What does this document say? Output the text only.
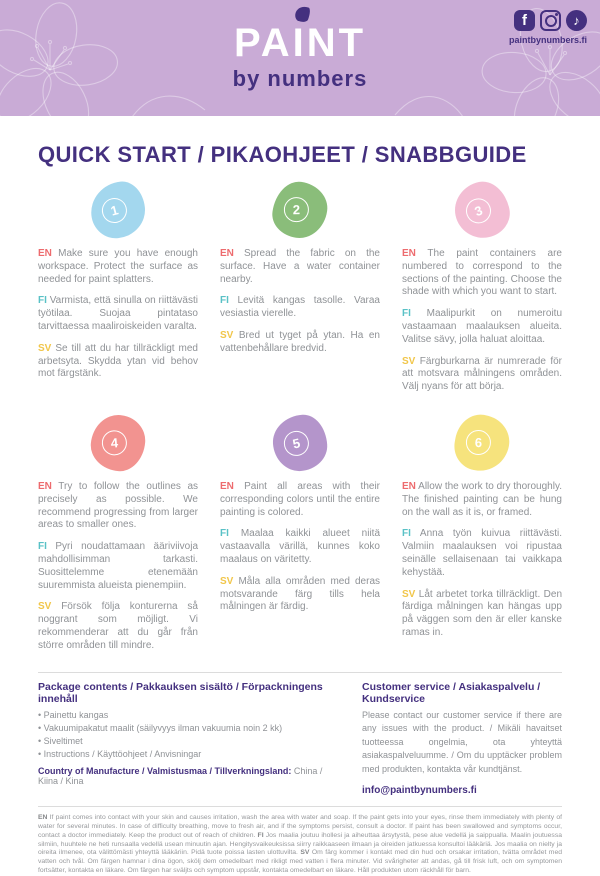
PAINT
by numbers
f	♪
paintbynumbers.fi
QUICK START / PIKAOHJEET / SNABBGUIDE
1

EN Make sure you have enough workspace. Protect the surface as needed for paint splatters.

FI Varmista, että sinulla on riittävästi työtilaa. Suojaa pintataso tarvittaessa maaliroiskeiden varalta.

SV Se till att du har tillräckligt med arbetsyta. Skydda ytan vid behov mot färgstänk.

2

EN Spread the fabric on the surface. Have a water container nearby.

FI Levitä kangas tasolle. Varaa vesiastia vierelle.

SV Bred ut tyget på ytan. Ha en vattenbehållare bredvid.

3

EN The paint containers are numbered to correspond to the sections of the painting. Choose the shade with which you want to start.

FI Maalipurkit on numeroitu vastaamaan maalauksen alueita. Valitse sävy, jolla haluat aloittaa.

SV Färgburkarna är numrerade för att motsvara målningens områden. Välj nyans för att börja.

4

EN Try to follow the outlines as precisely as possible. We recommend progressing from larger areas to smaller ones.

FI Pyri noudattamaan ääriviivoja mahdollisimman tarkasti. Suosittelemme etenemään suuremmista alueista pienempiin.

SV Försök följa konturerna så noggrant som möjligt. Vi rekommenderar att du går från större områden till mindre.

5

EN Paint all areas with their corresponding colors until the entire painting is colored.

FI Maalaa kaikki alueet niitä vastaavalla värillä, kunnes koko maalaus on väritetty.

SV Måla alla områden med deras motsvarande färg tills hela målningen är färdig.

6

EN Allow the work to dry thoroughly. The finished painting can be hung on the wall as it is, or framed.

FI Anna työn kuivua riittävästi. Valmiin maalauksen voi ripustaa seinälle sellaisenaan tai vaikkapa kehystää.

SV Låt arbetet torka tillräckligt. Den färdiga målningen kan hängas upp på väggen som den är eller kanske ramas in.

Package contents / Pakkauksen sisältö / Förpackningens innehåll

• Painettu kangas
• Vakuumipakatut maalit (säilyvyys ilman vakuumia noin 2 kk)
• Siveltimet
• Instructions / Käyttöohjeet / Anvisningar

Country of Manufacture / Valmistusmaa / Tillverkningsland: China / Kiina / Kina

Customer service / Asiakaspalvelu / Kundservice

Please contact our customer service if there are any issues with the product. / Mikäli havaitset tuotteessa ongelmia, ota yhteyttä asiakaspalveluumme. / Om du upptäcker problem med produkten, kontakta vår kundtjänst.

info@paintbynumbers.fi

EN If paint comes into contact with your skin and causes irritation, wash the area with water and soap. If the paint gets into your eyes, rinse them immediately with plenty of water for several minutes. In case of difficulty breathing, move to fresh air, and if the symptoms persist, consult a doctor. If paint has been swallowed and symptoms occur, contact a doctor immediately. Keep the product out of reach of children. FI Jos maalia joutuu ihollesi ja aiheuttaa ärsytystä, pese alue vedellä ja saippualla. Maalin joutuessa silmiin, huuhtele ne heti runsaalla vedellä usean minuutin ajan. Hengitysvaikeuksissa siirry raikkaaseen ilmaan ja oireiden jatkuessa konsultoi lääkäriä. Jos maalia on nielty ja oireita ilmenee, ota välittömästi yhteyttä lääkäriin. Pidä tuote poissa lasten ulottuvilta. SV Om färg kommer i kontakt med din hud och orsakar irritation, tvätta området med vatten och tvål. Om färgen hamnar i dina ögon, skölj dem omedelbart med rikligt med vatten i flera minuter. Vid svårigheter att andas, gå till frisk luft, och om symptomen fortsätter, kontakta en läkare. Om färgen har sväljts och symptom uppstår, kontakta omedelbart en läkare. Håll produkten utom räckhåll för barn.
